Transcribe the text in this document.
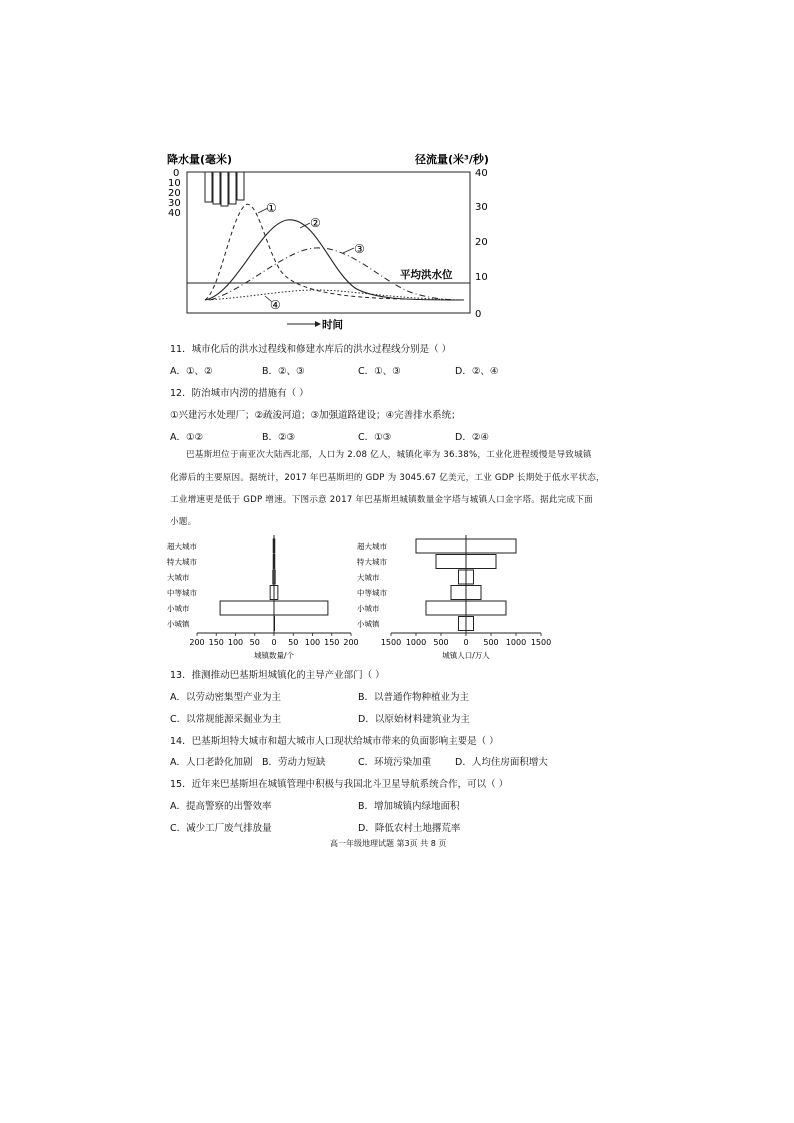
降水量(毫米)	径流量(米³/秒)
0
10
20
30
40
40
30
20
10
0
平均洪水位
①
②
③
④
时间
11．城市化后的洪水过程线和修建水库后的洪水过程线分别是（ ）
A．①、②	B．②、③	C．①、③	D．②、④
12．防治城市内涝的措施有（ ）
①兴建污水处理厂；②疏浚河道；③加强道路建设；④完善排水系统；
A．①②	B．②③	C．①③	D．②④
巴基斯坦位于南亚次大陆西北部，人口为 2.08 亿人，城镇化率为 36.38%，工业化进程缓慢是导致城镇
化滞后的主要原因。据统计，2017 年巴基斯坦的 GDP 为 3045.67 亿美元，工业 GDP 长期处于低水平状态，
工业增速更是低于 GDP 增速。下图示意 2017 年巴基斯坦城镇数量金字塔与城镇人口金字塔。据此完成下面
小题。
超大城市
特大城市
大城市
中等城市
小城市
小城镇
200 150 100 50 0 50 100 150 200
城镇数量/个
超大城市
特大城市
大城市
中等城市
小城市
小城镇
1500 1000 500 0 500 1000 1500
城镇人口/万人
13．推测推动巴基斯坦城镇化的主导产业部门（ ）
A．以劳动密集型产业为主	B．以普通作物种植业为主
C．以常规能源采掘业为主	D．以原始材料建筑业为主
14．巴基斯坦特大城市和超大城市人口现状给城市带来的负面影响主要是（ ）
A．人口老龄化加剧 B．劳动力短缺	C．环境污染加重	D．人均住房面积增大
15．近年来巴基斯坦在城镇管理中积极与我国北斗卫星导航系统合作，可以（ ）
A．提高警察的出警效率	B．增加城镇内绿地面积
C．减少工厂废气排放量	D．降低农村土地撂荒率
高一年级地理试题 第3页 共 8 页
